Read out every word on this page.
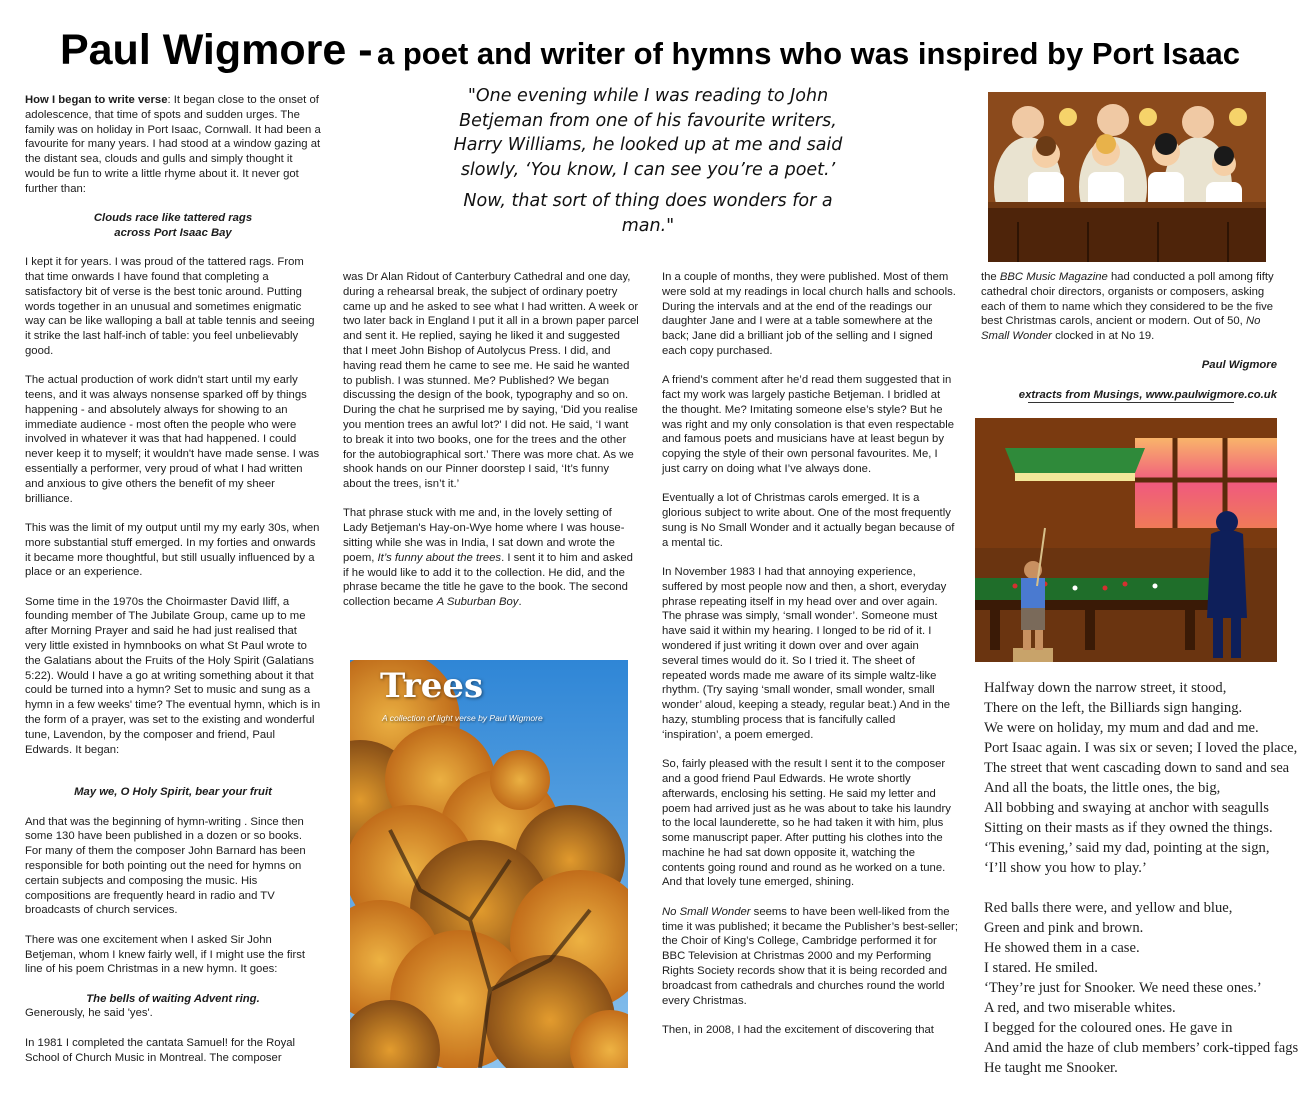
Paul Wigmore - a poet and writer of hymns who was inspired by Port Isaac

How I began to write verse: It began close to the onset of adolescence, that time of spots and sudden urges. The family was on holiday in Port Isaac, Cornwall. It had been a favourite for many years. I had stood at a window gazing at the distant sea, clouds and gulls and simply thought it would be fun to write a little rhyme about it. It never got further than:

Clouds race like tattered rags
across Port Isaac Bay

I kept it for years. I was proud of the tattered rags. From that time onwards I have found that completing a satisfactory bit of verse is the best tonic around. Putting words together in an unusual and sometimes enigmatic way can be like walloping a ball at table tennis and seeing it strike the last half-inch of table: you feel unbelievably good.

The actual production of work didn't start until my early teens, and it was always nonsense sparked off by things happening - and absolutely always for showing to an immediate audience - most often the people who were involved in whatever it was that had happened. I could never keep it to myself; it wouldn't have made sense. I was essentially a performer, very proud of what I had written and anxious to give others the benefit of my sheer brilliance.

This was the limit of my output until my my early 30s, when more substantial stuff emerged. In my forties and onwards it became more thoughtful, but still usually influenced by a place or an experience.

Some time in the 1970s the Choirmaster David Iliff, a founding member of The Jubilate Group, came up to me after Morning Prayer and said he had just realised that very little existed in hymnbooks on what St Paul wrote to the Galatians about the Fruits of the Holy Spirit (Galatians 5:22). Would I have a go at writing something about it that could be turned into a hymn? Set to music and sung as a hymn in a few weeks' time? The eventual hymn, which is in the form of a prayer, was set to the existing and wonderful tune, Lavendon, by the composer and friend, Paul Edwards. It began:

May we, O Holy Spirit, bear your fruit

And that was the beginning of hymn-writing . Since then some 130 have been published in a dozen or so books. For many of them the composer John Barnard has been responsible for both pointing out the need for hymns on certain subjects and composing the music. His compositions are frequently heard in radio and TV broadcasts of church services.

There was one excitement when I asked Sir John Betjeman, whom I knew fairly well, if I might use the first line of his poem Christmas in a new hymn. It goes:

The bells of waiting Advent ring.

Generously, he said 'yes'.

In 1981 I completed the cantata Samuel! for the Royal School of Church Music in Montreal. The composer

"One evening while I was reading to John Betjeman from one of his favourite writers, Harry Williams, he looked up at me and said slowly, ‘You know, I can see you’re a poet.’

Now, that sort of thing does wonders for a man."

was Dr Alan Ridout of Canterbury Cathedral and one day, during a rehearsal break, the subject of ordinary poetry came up and he asked to see what I had written. A week or two later back in England I put it all in a brown paper parcel and sent it. He replied, saying he liked it and suggested that I meet John Bishop of Autolycus Press. I did, and having read them he came to see me. He said he wanted to publish. I was stunned. Me? Published? We began discussing the design of the book, typography and so on. During the chat he surprised me by saying, 'Did you realise you mention trees an awful lot?' I did not. He said, ‘I want to break it into two books, one for the trees and the other for the autobiographical sort.’ There was more chat. As we shook hands on our Pinner doorstep I said, ‘It’s funny about the trees, isn’t it.’

That phrase stuck with me and, in the lovely setting of Lady Betjeman's Hay-on-Wye home where I was house-sitting while she was in India, I sat down and wrote the poem, It’s funny about the trees. I sent it to him and asked if he would like to add it to the collection. He did, and the phrase became the title he gave to the book. The second collection became A Suburban Boy.

Trees
A collection of light verse by Paul Wigmore

In a couple of months, they were published. Most of them were sold at my readings in local church halls and schools. During the intervals and at the end of the readings our daughter Jane and I were at a table somewhere at the back; Jane did a brilliant job of the selling and I signed each copy purchased.

A friend’s comment after he’d read them suggested that in fact my work was largely pastiche Betjeman. I bridled at the thought. Me? Imitating someone else’s style? But he was right and my only consolation is that even respectable and famous poets and musicians have at least begun by copying the style of their own personal favourites. Me, I just carry on doing what I’ve always done.

Eventually a lot of Christmas carols emerged. It is a glorious subject to write about. One of the most frequently sung is No Small Wonder and it actually began because of a mental tic.

In November 1983 I had that annoying experience, suffered by most people now and then, a short, everyday phrase repeating itself in my head over and over again. The phrase was simply, ‘small wonder’. Someone must have said it within my hearing. I longed to be rid of it. I wondered if just writing it down over and over again several times would do it. So I tried it. The sheet of repeated words made me aware of its simple waltz-like rhythm. (Try saying ‘small wonder, small wonder, small wonder’ aloud, keeping a steady, regular beat.) And in the hazy, stumbling process that is fancifully called ‘inspiration’, a poem emerged.

So, fairly pleased with the result I sent it to the composer and a good friend Paul Edwards. He wrote shortly afterwards, enclosing his setting. He said my letter and poem had arrived just as he was about to take his laundry to the local launderette, so he had taken it with him, plus some manuscript paper. After putting his clothes into the machine he had sat down opposite it, watching the contents going round and round as he worked on a tune. And that lovely tune emerged, shining.

No Small Wonder seems to have been well-liked from the time it was published; it became the Publisher’s best-seller; the Choir of King’s College, Cambridge performed it for BBC Television at Christmas 2000 and my Performing Rights Society records show that it is being recorded and broadcast from cathedrals and churches round the world every Christmas.

Then, in 2008, I had the excitement of discovering that

the BBC Music Magazine had conducted a poll among fifty cathedral choir directors, organists or composers, asking each of them to name which they considered to be the five best Christmas carols, ancient or modern. Out of 50, No Small Wonder clocked in at No 19.

Paul Wigmore

extracts from Musings, www.paulwigmore.co.uk

Halfway down the narrow street, it stood,
There on the left, the Billiards sign hanging.
We were on holiday, my mum and dad and me.
Port Isaac again. I was six or seven; I loved the place,
The street that went cascading down to sand and sea
And all the boats, the little ones, the big,
All bobbing and swaying at anchor with seagulls
Sitting on their masts as if they owned the things.
‘This evening,’ said my dad, pointing at the sign,
‘I’ll show you how to play.’
Red balls there were, and yellow and blue,
Green and pink and brown.
He showed them in a case.
I stared. He smiled.
‘They’re just for Snooker. We need these ones.’
A red, and two miserable whites.
I begged for the coloured ones. He gave in
And amid the haze of club members’ cork-tipped fags
He taught me Snooker.
